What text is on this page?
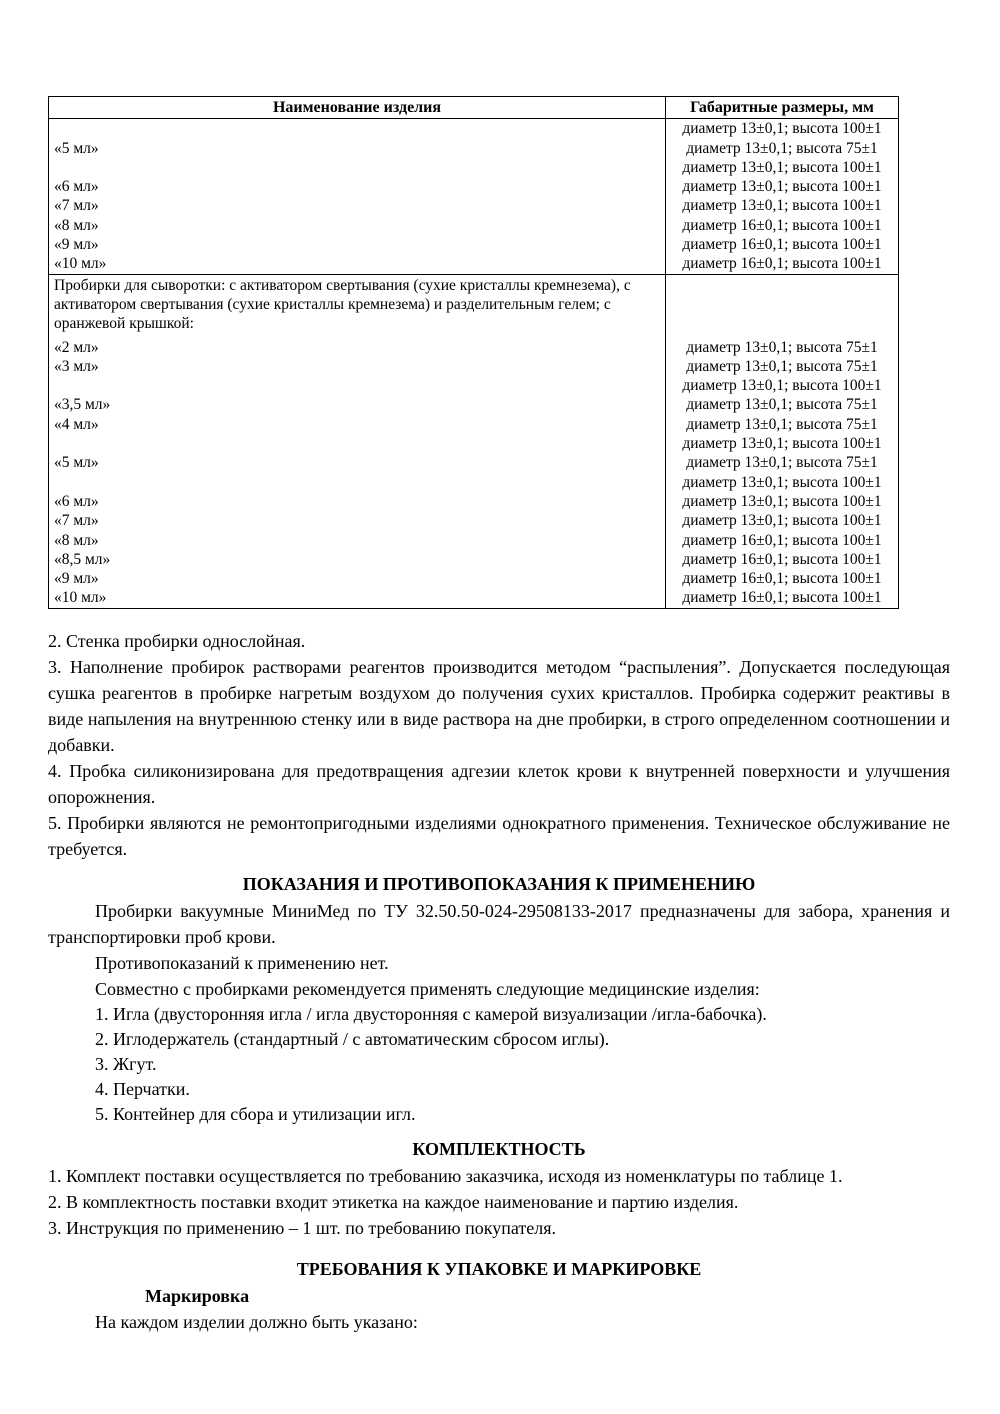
Наименование изделия	Габаритные размеры, мм
	диаметр 13±0,1; высота 100±1
«5 мл»	диаметр 13±0,1; высота 75±1
	диаметр 13±0,1; высота 100±1
«6 мл»	диаметр 13±0,1; высота 100±1
«7 мл»	диаметр 13±0,1; высота 100±1
«8 мл»	диаметр 16±0,1; высота 100±1
«9 мл»	диаметр 16±0,1; высота 100±1
«10 мл»	диаметр 16±0,1; высота 100±1
Пробирки для сыворотки: с активатором свертывания (сухие кристаллы кремнезема), с активатором свертывания (сухие кристаллы кремнезема) и разделительным гелем; с оранжевой крышкой:	
«2 мл»	диаметр 13±0,1; высота 75±1
«3 мл»	диаметр 13±0,1; высота 75±1
	диаметр 13±0,1; высота 100±1
«3,5 мл»	диаметр 13±0,1; высота 75±1
«4 мл»	диаметр 13±0,1; высота 75±1
	диаметр 13±0,1; высота 100±1
«5 мл»	диаметр 13±0,1; высота 75±1
	диаметр 13±0,1; высота 100±1
«6 мл»	диаметр 13±0,1; высота 100±1
«7 мл»	диаметр 13±0,1; высота 100±1
«8 мл»	диаметр 16±0,1; высота 100±1
«8,5 мл»	диаметр 16±0,1; высота 100±1
«9 мл»	диаметр 16±0,1; высота 100±1
«10 мл»	диаметр 16±0,1; высота 100±1

2. Стенка пробирки однослойная.

3. Наполнение пробирок растворами реагентов производится методом “распыления”. Допускается последующая сушка реагентов в пробирке нагретым воздухом до получения сухих кристаллов. Пробирка содержит реактивы в виде напыления на внутреннюю стенку или в виде раствора на дне пробирки, в строго определенном соотношении и добавки.

4. Пробка силиконизирована для предотвращения адгезии клеток крови к внутренней поверхности и улучшения опорожнения.

5. Пробирки являются не ремонтопригодными изделиями однократного применения. Техническое обслуживание не требуется.

ПОКАЗАНИЯ И ПРОТИВОПОКАЗАНИЯ К ПРИМЕНЕНИЮ

Пробирки вакуумные МиниМед по ТУ 32.50.50-024-29508133-2017 предназначены для забора, хранения и транспортировки проб крови.

Противопоказаний к применению нет.

Совместно с пробирками рекомендуется применять следующие медицинские изделия:

1. Игла (двусторонняя игла / игла двусторонняя с камерой визуализации /игла-бабочка).

2. Иглодержатель (стандартный / с автоматическим сбросом иглы).

3. Жгут.

4. Перчатки.

5. Контейнер для сбора и утилизации игл.

КОМПЛЕКТНОСТЬ

1. Комплект поставки осуществляется по требованию заказчика, исходя из номенклатуры по таблице 1.

2. В комплектность поставки входит этикетка на каждое наименование и партию изделия.

3. Инструкция по применению – 1 шт. по требованию покупателя.

ТРЕБОВАНИЯ К УПАКОВКЕ И МАРКИРОВКЕ

Маркировка

На каждом изделии должно быть указано:
